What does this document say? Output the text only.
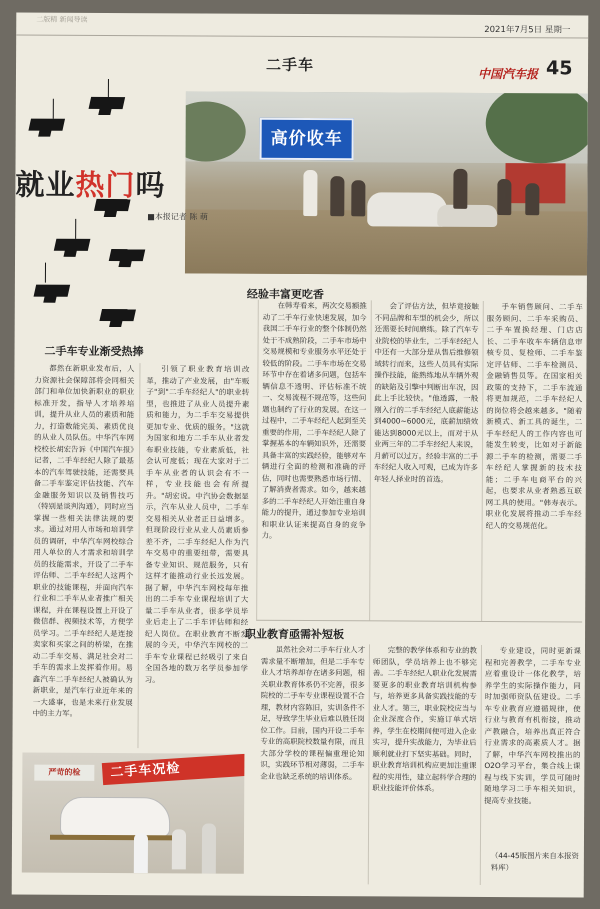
二版精 新闻导读
2021年7月5日 星期一
中国汽车报 45
二手车
高价收车
就业热门吗
■本报记者 陈 萌
二手车专业渐受热捧

都然在新职业发布后，人力资源社会保障部将会同相关部门和单位加快新职业的职业标准开发，指导人才培养培训，提升从业人员的素质和能力，打造数能完美、素质优良的从业人员队伍。中华汽车网校校长胡宏告诉《中国汽车报》记者，二手车经纪人除了最基本的汽车驾驶技能，还需要具备二手车鉴定评估技能、汽车金融服务知识以及销售技巧（特别是谈判沟通），同时应当掌握一些相关法律法规的要求。通过对用人市场和培训学员的调研，中华汽车网校综合用人单位的人才需求和培训学员的技能需求，开设了二手车评估师、二手车经纪人这两个职业的技能课程，并面向汽车行业和二手车从业者推广相关课程，并在课程设置上开设了微信群、视频技术等，方便学员学习。二手车经纪人是连接卖家和买家之间的桥梁，在推动二手车交易、满足社会对二手车的需求上发挥着作用。易鑫汽车二手车经纪人被确认为新职业，是汽车行业近年来的一大盛事，也是未来行业发展中的主力军。

引领了职业教育培训改革，推动了产业发展，由"车贩子"到"二手车经纪人"的职业转型，也推进了从业人员提升素质和能力，为二手车交易提供更加专业、优质的服务。"这就为国家和地方二手车从业者发布职业技能，专业素质低，社会认可度低；现在大家对于二手车从业者的认识会有不一样，专业技能也会有所提升。"胡宏说。中汽协会数据显示，汽车从业人员中，二手车交易相关从业者正日益增多。但现阶段行业从业人员素质参差不齐，二手车经纪人作为汽车交易中的重要纽带，需要具备专业知识、规范服务，只有这样才能推动行业长远发展。据了解，中华汽车网校每年推出的二手车专业课程培训了大量二手车从业者，很多学员毕业后走上了二手车评估师和经纪人岗位。在职业教育不断发展的今天，中华汽车网校的二手车专业课程已经吸引了来自全国各地的数万名学员参加学习。

经验丰富更吃香

在韩寿看来，两次交易额推动了二手车行业快速发展，加今我国二手车行业的整个体制仍然处于不成熟阶段，二手车市场中交易规模和专业服务水平还处于较低的阶段。二手车市场在交易环节中存在着诸多问题，包括车辆信息不透明、评估标准不统一、交易流程不规范等，这些问题也制约了行业的发展。在这一过程中，二手车经纪人起到至关重要的作用，二手车经纪人除了掌握基本的车辆知识外，还需要具备丰富的实践经验，能够对车辆进行全面的检测和准确的评估，同时也需要熟悉市场行情、了解消费者需求。如今，越来越多的二手车经纪人开始注重自身能力的提升，通过参加专业培训和职业认证来提高自身的竞争力。

会了评估方法，但毕竟接触不同品牌和车型的机会少，所以还需要长时间磨练。除了汽车专业院校的毕业生，二手车经纪人中还有一大部分是从售后维修领域转行而来，这些人员具有实际操作技能，能熟练地从车辆外观的缺陷及引擎中判断出车况，因此上手比较快。"他透露，一般刚入行的二手车经纪人底薪能达到4000~6000元，底薪加绩效能达到8000元以上，而对于从业两三年的二手车经纪人来说，月薪可以过万。经验丰富的二手车经纪人收入可观，已成为许多年轻人择业时的首选。

手车销售顾问、二手车服务顾问、二手车采购员、二手车置换经理、门店店长、二手车收车车辆信息审核专员、复检师、二手车鉴定评估师、二手车检测员、金融销售员等。在国家相关政策的支持下，二手车流通将更加规范，二手车经纪人的岗位将会越来越多。"随着新模式、新工具的诞生，二手车经纪人的工作内容也可能发生转变，比如对于新能源二手车的检测，需要二手车经纪人掌握新的技术技能；二手车电商平台的兴起，也要求从业者熟悉互联网工具的使用。"韩寿表示。职业化发展将推动二手车经纪人的交易规范化。

职业教育亟需补短板

虽然社会对二手车行业人才需求量不断增加，但是二手车专业人才培养却存在诸多问题，相关职业教育体系仍不完善，很多院校的二手车专业课程设置不合理，教材内容陈旧，实训条件不足，导致学生毕业后难以胜任岗位工作。目前，国内开设二手车专业的高职院校数量有限，而且大部分学校的课程偏重理论知识，实践环节相对薄弱，二手车企业也缺乏系统的培训体系。

完整的教学体系和专业的教师团队，学员培养上也不够完善。二手车经纪人职业化发展需要更多的职业教育培训机构参与，培养更多具备实践技能的专业人才。第三，职业院校应当与企业深度合作，实施订单式培养，学生在校期间便可进入企业实习，提升实战能力，为毕业后顺利就业打下坚实基础。同时，职业教育培训机构应更加注重课程的实用性，建立起科学合理的职业技能评价体系。

专业建设，同时更新课程和完善教学，二手车专业应着重设计一体化教学，培养学生的实际操作能力，同时加强师资队伍建设。二手车专业教育应遵循规律，使行业与教育有机衔接，推动产教融合，培养出真正符合行业需求的高素质人才。据了解，中华汽车网校推出的O2O学习平台，集合线上课程与线下实训，学员可随时随地学习二手车相关知识，提高专业技能。

（44-45版图片来自本报资料库）
二手车况检
严苛的检
